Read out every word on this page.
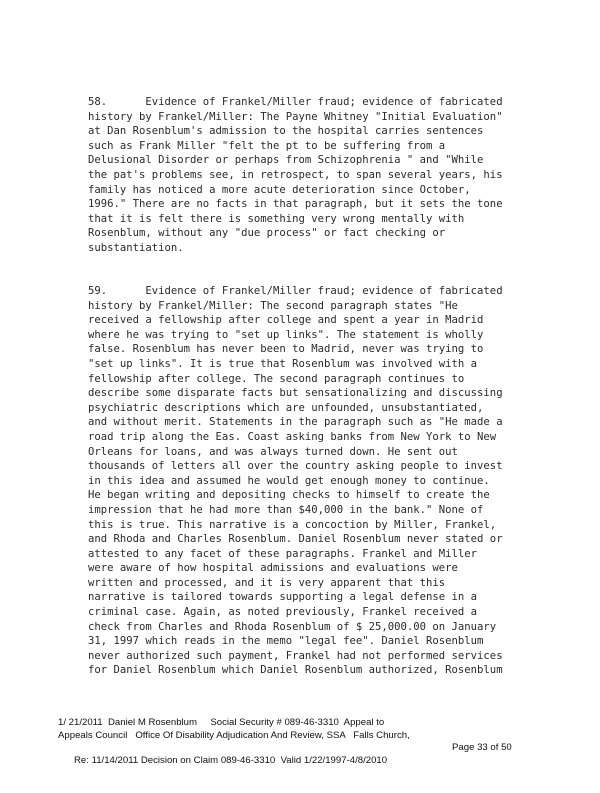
58.      Evidence of Frankel/Miller fraud; evidence of fabricated
history by Frankel/Miller: The Payne Whitney "Initial Evaluation"
at Dan Rosenblum's admission to the hospital carries sentences
such as Frank Miller "felt the pt to be suffering from a
Delusional Disorder or perhaps from Schizophrenia " and "While
the pat's problems see, in retrospect, to span several years, his
family has noticed a more acute deterioration since October,
1996." There are no facts in that paragraph, but it sets the tone
that it is felt there is something very wrong mentally with
Rosenblum, without any "due process" or fact checking or
substantiation.
59.      Evidence of Frankel/Miller fraud; evidence of fabricated
history by Frankel/Miller: The second paragraph states "He
received a fellowship after college and spent a year in Madrid
where he was trying to "set up links". The statement is wholly
false. Rosenblum has never been to Madrid, never was trying to
"set up links". It is true that Rosenblum was involved with a
fellowship after college. The second paragraph continues to
describe some disparate facts but sensationalizing and discussing
psychiatric descriptions which are unfounded, unsubstantiated,
and without merit. Statements in the paragraph such as "He made a
road trip along the Eas. Coast asking banks from New York to New
Orleans for loans, and was always turned down. He sent out
thousands of letters all over the country asking people to invest
in this idea and assumed he would get enough money to continue.
He began writing and depositing checks to himself to create the
impression that he had more than $40,000 in the bank." None of
this is true. This narrative is a concoction by Miller, Frankel,
and Rhoda and Charles Rosenblum. Daniel Rosenblum never stated or
attested to any facet of these paragraphs. Frankel and Miller
were aware of how hospital admissions and evaluations were
written and processed, and it is very apparent that this
narrative is tailored towards supporting a legal defense in a
criminal case. Again, as noted previously, Frankel received a
check from Charles and Rhoda Rosenblum of $ 25,000.00 on January
31, 1997 which reads in the memo "legal fee". Daniel Rosenblum
never authorized such payment, Frankel had not performed services
for Daniel Rosenblum which Daniel Rosenblum authorized, Rosenblum
1/ 21/2011  Daniel M Rosenblum     Social Security # 089-46-3310  Appeal to
Appeals Council   Office Of Disability Adjudication And Review, SSA   Falls Church,

Re: 11/14/2011 Decision on Claim 089-46-3310  Valid 1/22/1997-4/8/2010

Page 33 of 50
